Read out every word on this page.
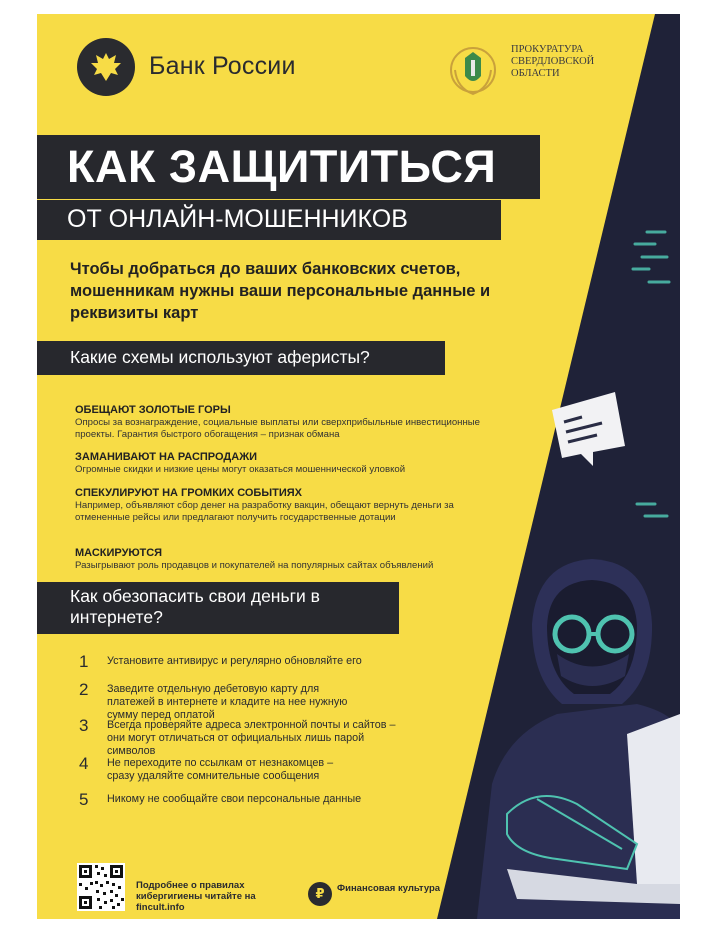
Банк России
ПРОКУРАТУРА
СВЕРДЛОВСКОЙ
ОБЛАСТИ
КАК ЗАЩИТИТЬСЯ
ОТ ОНЛАЙН-МОШЕННИКОВ
Чтобы добраться до ваших банковских счетов, мошенникам нужны ваши персональные данные и реквизиты карт
Какие схемы используют аферисты?
ОБЕЩАЮТ ЗОЛОТЫЕ ГОРЫ
Опросы за вознаграждение, социальные выплаты или сверхприбыльные инвестиционные проекты. Гарантия быстрого обогащения – признак обмана
ЗАМАНИВАЮТ НА РАСПРОДАЖИ
Огромные скидки и низкие цены могут оказаться мошеннической уловкой
СПЕКУЛИРУЮТ НА ГРОМКИХ СОБЫТИЯХ
Например, объявляют сбор денег на разработку вакцин, обещают вернуть деньги за отмененные рейсы или предлагают получить государственные дотации
МАСКИРУЮТСЯ
Разыгрывают роль продавцов и покупателей на популярных сайтах объявлений
Как обезопасить свои деньги в интернете?
1	Установите антивирус и регулярно обновляйте его
2	Заведите отдельную дебетовую карту для платежей в интернете и кладите на нее нужную сумму перед оплатой
3	Всегда проверяйте адреса электронной почты и сайтов – они могут отличаться от официальных лишь парой символов
4	Не переходите по ссылкам от незнакомцев – сразу удаляйте сомнительные сообщения
5	Никому не сообщайте свои персональные данные
Подробнее о правилах кибергигиены читайте на fincult.info
₽	Финансовая культура
